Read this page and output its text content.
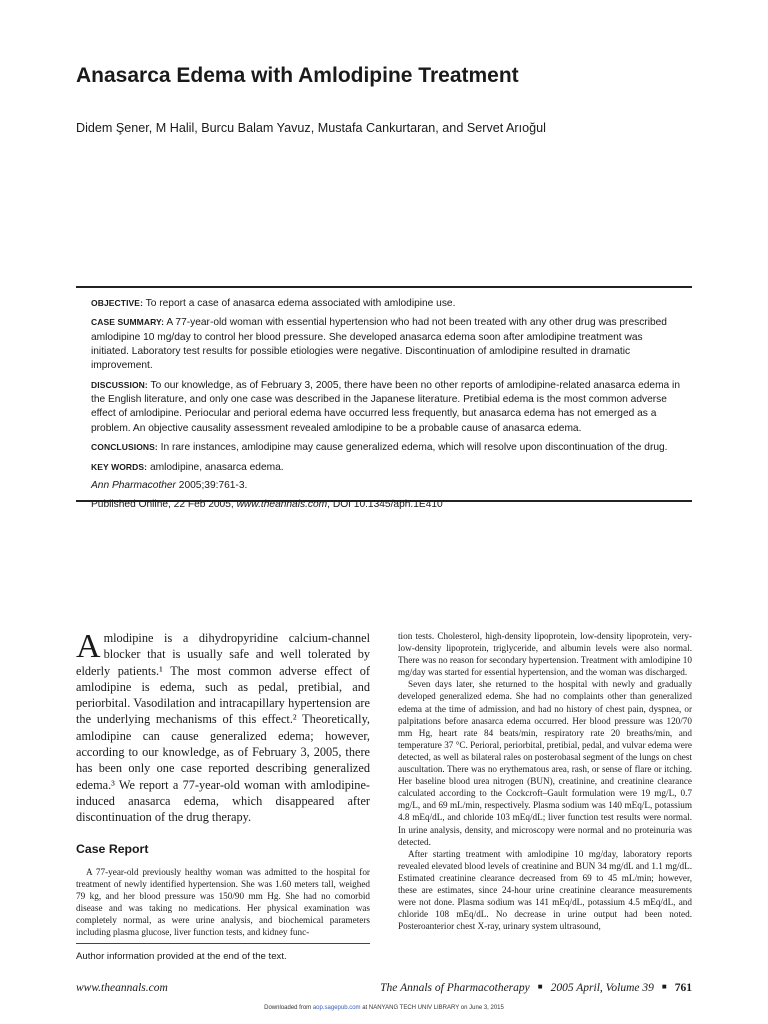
Anasarca Edema with Amlodipine Treatment

Didem Şener, M Halil, Burcu Balam Yavuz, Mustafa Cankurtaran, and Servet Arıoğul

OBJECTIVE: To report a case of anasarca edema associated with amlodipine use.

CASE SUMMARY: A 77-year-old woman with essential hypertension who had not been treated with any other drug was prescribed amlodipine 10 mg/day to control her blood pressure. She developed anasarca edema soon after amlodipine treatment was initiated. Laboratory test results for possible etiologies were negative. Discontinuation of amlodipine resulted in dramatic improvement.

DISCUSSION: To our knowledge, as of February 3, 2005, there have been no other reports of amlodipine-related anasarca edema in the English literature, and only one case was described in the Japanese literature. Pretibial edema is the most common adverse effect of amlodipine. Periocular and perioral edema have occurred less frequently, but anasarca edema has not emerged as a problem. An objective causality assessment revealed amlodipine to be a probable cause of anasarca edema.

CONCLUSIONS: In rare instances, amlodipine may cause generalized edema, which will resolve upon discontinuation of the drug.

KEY WORDS: amlodipine, anasarca edema.

Ann Pharmacother 2005;39:761-3.

Published Online, 22 Feb 2005, www.theannals.com, DOI 10.1345/aph.1E410

Amlodipine is a dihydropyridine calcium-channel blocker that is usually safe and well tolerated by elderly patients.¹ The most common adverse effect of amlodipine is edema, such as pedal, pretibial, and periorbital. Vasodilation and intracapillary hypertension are the underlying mechanisms of this effect.² Theoretically, amlodipine can cause generalized edema; however, according to our knowledge, as of February 3, 2005, there has been only one case reported describing generalized edema.³ We report a 77-year-old woman with amlodipine-induced anasarca edema, which disappeared after discontinuation of the drug therapy.

Case Report

A 77-year-old previously healthy woman was admitted to the hospital for treatment of newly identified hypertension. She was 1.60 meters tall, weighed 79 kg, and her blood pressure was 150/90 mm Hg. She had no comorbid disease and was taking no medications. Her physical examination was completely normal, as were urine analysis, and biochemical parameters including plasma glucose, liver function tests, and kidney func-

tion tests. Cholesterol, high-density lipoprotein, low-density lipoprotein, very-low-density lipoprotein, triglyceride, and albumin levels were also normal. There was no reason for secondary hypertension. Treatment with amlodipine 10 mg/day was started for essential hypertension, and the woman was discharged.

Seven days later, she returned to the hospital with newly and gradually developed generalized edema. She had no complaints other than generalized edema at the time of admission, and had no history of chest pain, dyspnea, or palpitations before anasarca edema occurred. Her blood pressure was 120/70 mm Hg, heart rate 84 beats/min, respiratory rate 20 breaths/min, and temperature 37 °C. Perioral, periorbital, pretibial, pedal, and vulvar edema were detected, as well as bilateral rales on posterobasal segment of the lungs on chest auscultation. There was no erythematous area, rash, or sense of flare or itching. Her baseline blood urea nitrogen (BUN), creatinine, and creatinine clearance calculated according to the Cockcroft–Gault formulation were 19 mg/L, 0.7 mg/L, and 69 mL/min, respectively. Plasma sodium was 140 mEq/L, potassium 4.8 mEq/dL, and chloride 103 mEq/dL; liver function test results were normal. In urine analysis, density, and microscopy were normal and no proteinuria was detected.

After starting treatment with amlodipine 10 mg/day, laboratory reports revealed elevated blood levels of creatinine and BUN 34 mg/dL and 1.1 mg/dL. Estimated creatinine clearance decreased from 69 to 45 mL/min; however, these are estimates, since 24-hour urine creatinine clearance measurements were not done. Plasma sodium was 141 mEq/dL, potassium 4.5 mEq/dL, and chloride 108 mEq/dL. No decrease in urine output had been noted. Posteroanterior chest X-ray, urinary system ultrasound,

Author information provided at the end of the text.

www.theannals.com	The Annals of Pharmacotherapy ■ 2005 April, Volume 39 ■ 761
Downloaded from aop.sagepub.com at NANYANG TECH UNIV LIBRARY on June 3, 2015
